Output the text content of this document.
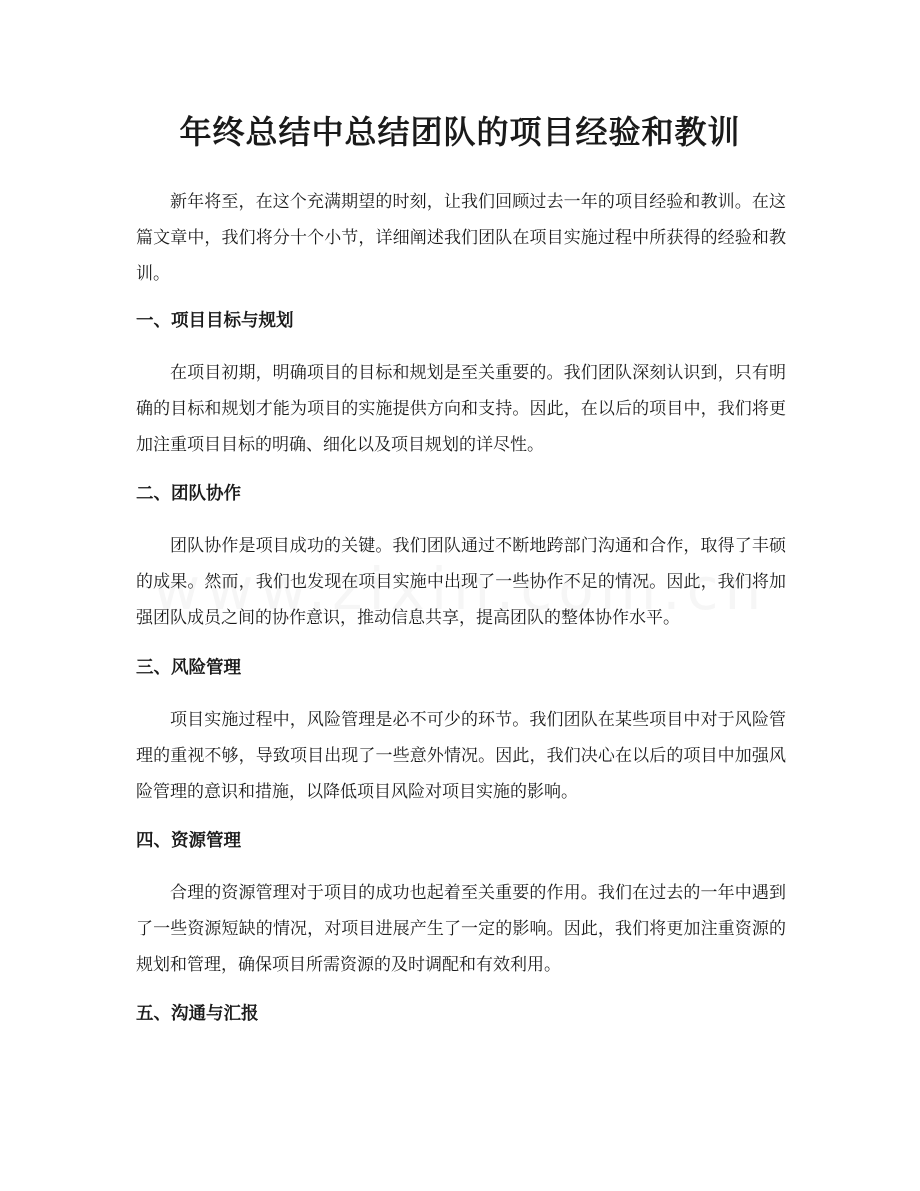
年终总结中总结团队的项目经验和教训

新年将至，在这个充满期望的时刻，让我们回顾过去一年的项目经验和教训。在这篇文章中，我们将分十个小节，详细阐述我们团队在项目实施过程中所获得的经验和教训。

一、项目目标与规划

在项目初期，明确项目的目标和规划是至关重要的。我们团队深刻认识到，只有明确的目标和规划才能为项目的实施提供方向和支持。因此，在以后的项目中，我们将更加注重项目目标的明确、细化以及项目规划的详尽性。

二、团队协作

团队协作是项目成功的关键。我们团队通过不断地跨部门沟通和合作，取得了丰硕的成果。然而，我们也发现在项目实施中出现了一些协作不足的情况。因此，我们将加强团队成员之间的协作意识，推动信息共享，提高团队的整体协作水平。

三、风险管理

项目实施过程中，风险管理是必不可少的环节。我们团队在某些项目中对于风险管理的重视不够，导致项目出现了一些意外情况。因此，我们决心在以后的项目中加强风险管理的意识和措施，以降低项目风险对项目实施的影响。

四、资源管理

合理的资源管理对于项目的成功也起着至关重要的作用。我们在过去的一年中遇到了一些资源短缺的情况，对项目进展产生了一定的影响。因此，我们将更加注重资源的规划和管理，确保项目所需资源的及时调配和有效利用。

五、沟通与汇报
